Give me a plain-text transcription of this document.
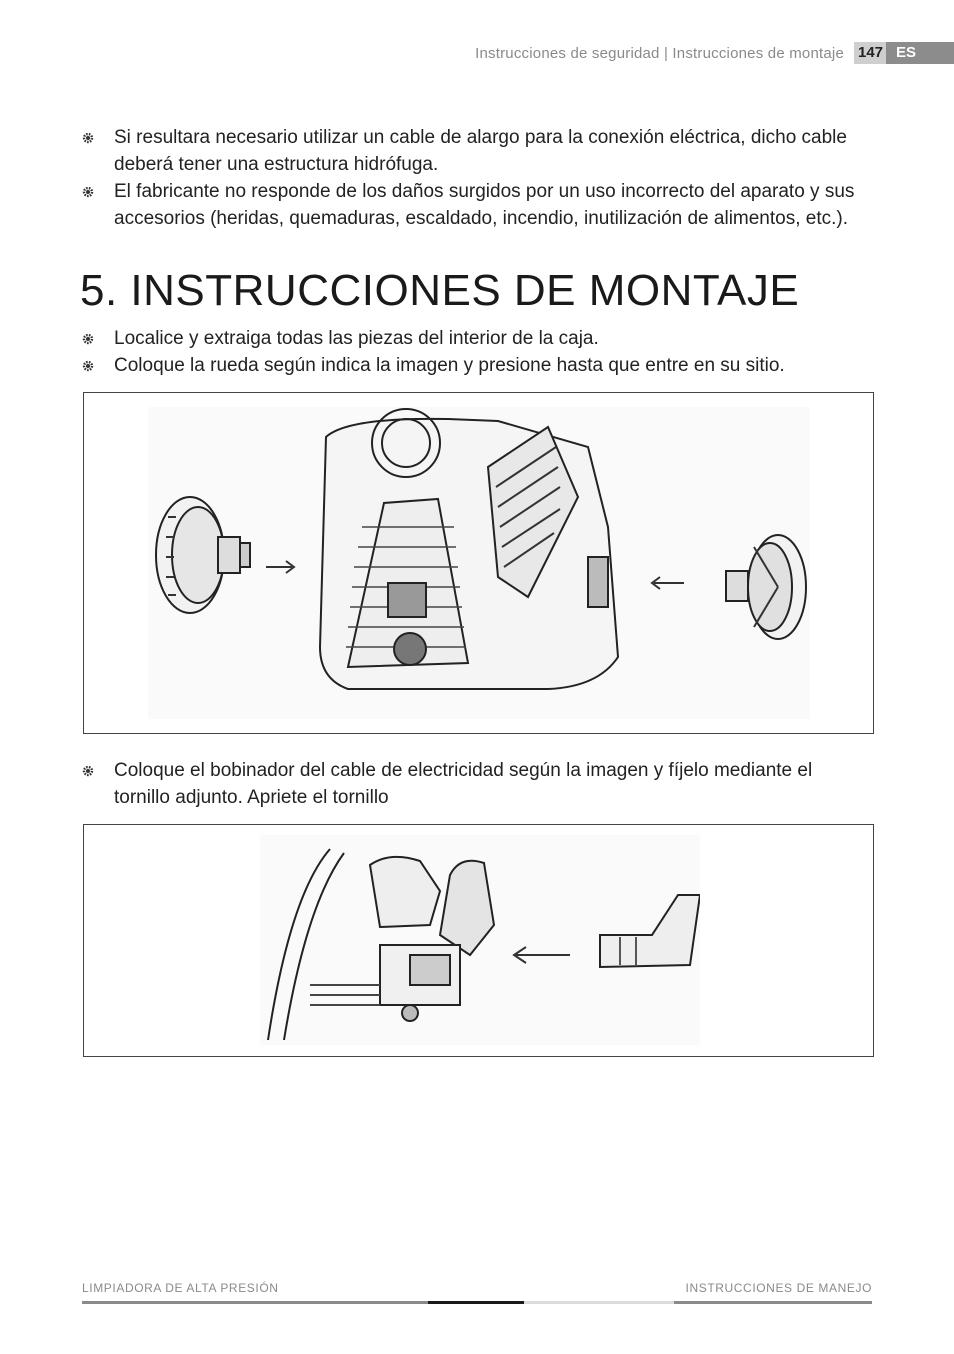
Instrucciones de seguridad | Instrucciones de montaje 147 ES
Si resultara necesario utilizar un cable de alargo para la conexión eléctrica, dicho cable deberá tener una estructura hidrófuga.
El fabricante no responde de los daños surgidos por un uso incorrecto del aparato y sus accesorios (heridas, quemaduras, escaldado, incendio, inutilización de alimentos, etc.).
5. INSTRUCCIONES DE MONTAJE
Localice y extraiga todas las piezas del interior de la caja.
Coloque la rueda según indica la imagen y presione hasta que entre en su sitio.
Coloque el bobinador del cable de electricidad según la imagen y fíjelo mediante el tornillo adjunto. Apriete el tornillo
LIMPIADORA DE ALTA PRESIÓN	INSTRUCCIONES DE MANEJO
